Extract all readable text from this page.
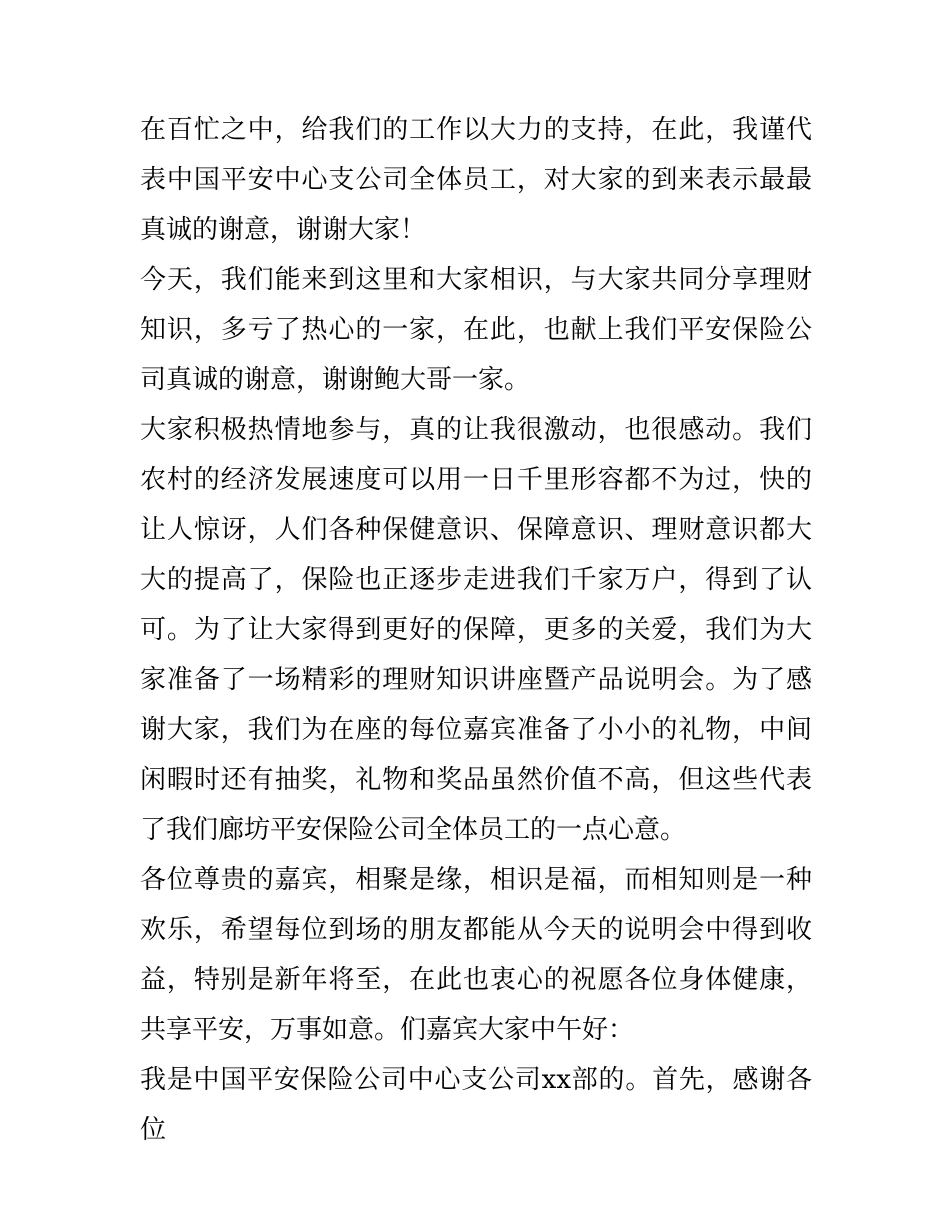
在百忙之中，给我们的工作以大力的支持，在此，我谨代表中国平安中心支公司全体员工，对大家的到来表示最最真诚的谢意，谢谢大家！

今天，我们能来到这里和大家相识，与大家共同分享理财知识，多亏了热心的一家，在此，也献上我们平安保险公司真诚的谢意，谢谢鲍大哥一家。

大家积极热情地参与，真的让我很激动，也很感动。我们农村的经济发展速度可以用一日千里形容都不为过，快的让人惊讶，人们各种保健意识、保障意识、理财意识都大大的提高了，保险也正逐步走进我们千家万户，得到了认可。为了让大家得到更好的保障，更多的关爱，我们为大家准备了一场精彩的理财知识讲座暨产品说明会。为了感谢大家，我们为在座的每位嘉宾准备了小小的礼物，中间闲暇时还有抽奖，礼物和奖品虽然价值不高，但这些代表了我们廊坊平安保险公司全体员工的一点心意。

各位尊贵的嘉宾，相聚是缘，相识是福，而相知则是一种欢乐，希望每位到场的朋友都能从今天的说明会中得到收益，特别是新年将至，在此也衷心的祝愿各位身体健康，共享平安，万事如意。们嘉宾大家中午好：

我是中国平安保险公司中心支公司xx部的。首先，感谢各位
